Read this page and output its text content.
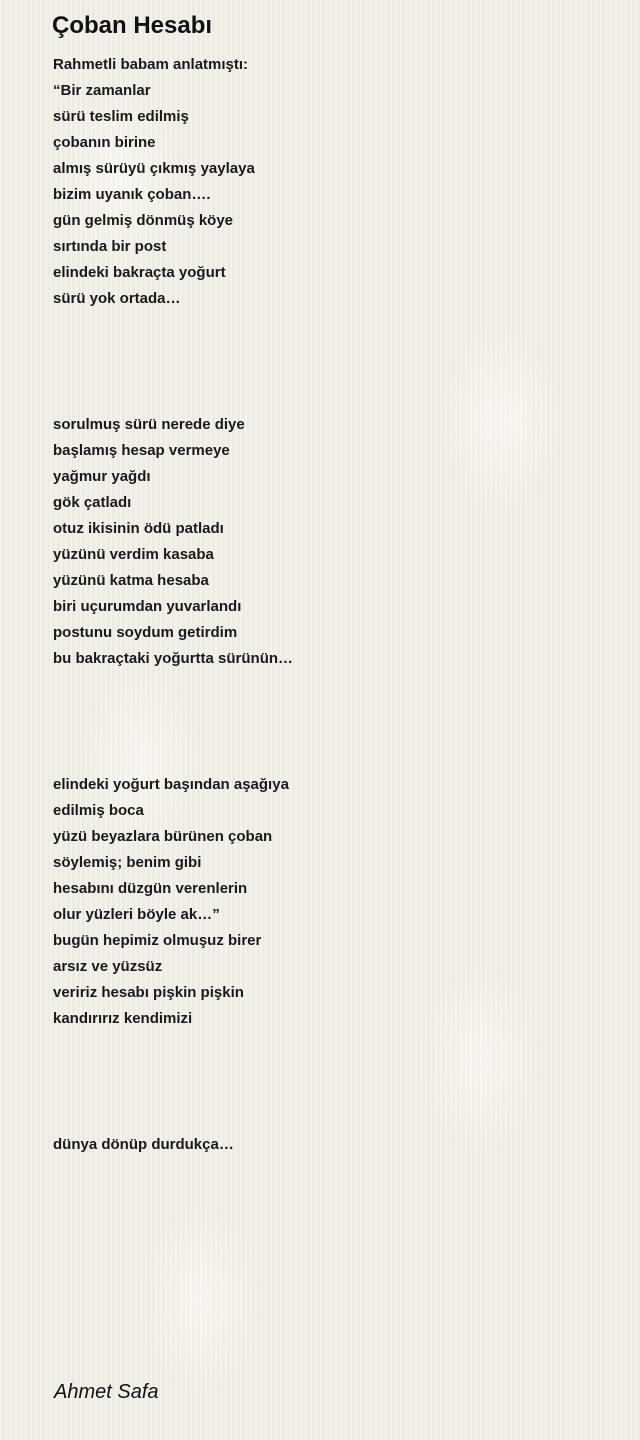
Çoban Hesabı
Rahmetli babam anlatmıştı:
“Bir zamanlar
sürü teslim edilmiş
çobanın birine
almış sürüyü çıkmış yaylaya
bizim uyanık çoban….
gün gelmiş dönmüş köye
sırtında bir post
elindeki bakraçta yoğurt
sürü yok ortada…
sorulmuş sürü nerede diye
başlamış hesap vermeye
yağmur yağdı
gök çatladı
otuz ikisinin ödü patladı
yüzünü verdim kasaba
yüzünü katma hesaba
biri uçurumdan yuvarlandı
postunu soydum getirdim
bu bakraçtaki yoğurtta sürünün…
elindeki yoğurt başından aşağıya
edilmiş boca
yüzü beyazlara bürünen çoban
söylemiş; benim gibi
hesabını düzgün verenlerin
olur yüzleri böyle ak…”
bugün hepimiz olmuşuz birer
arsız ve yüzsüz
veririz hesabı pişkin pişkin
kandırırız kendimizi
dünya dönüp durdukça…
Ahmet Safa
